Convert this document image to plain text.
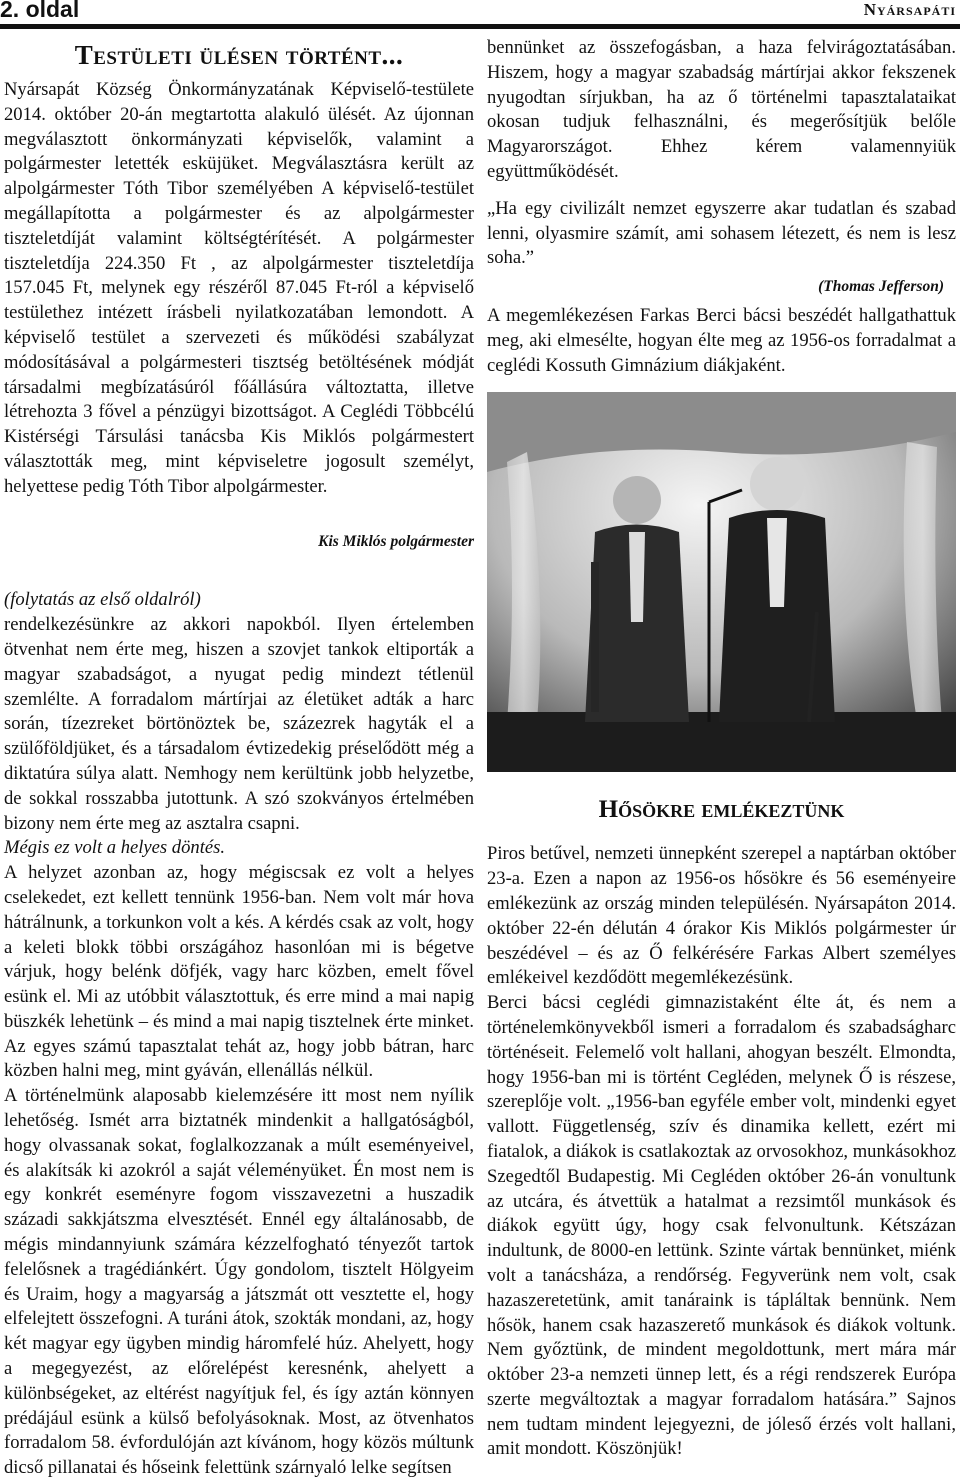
2. oldal	Nyársapáti
Testületi ülésen történt...

Nyársapát Község Önkormányzatának Képviselő-testülete 2014. október 20-án megtartotta alakuló ülését. Az újonnan megválasztott önkormányzati képviselők, valamint a polgármester letették esküjüket. Megválasztásra került az alpolgármester Tóth Tibor személyében A képviselő-testület megállapította a polgármester és az alpolgármester tiszteletdíját valamint költségtérítését. A polgármester tiszteletdíja 224.350 Ft , az alpolgármester tiszteletdíja 157.045 Ft, melynek egy részéről 87.045 Ft-ról a képviselő testülethez intézett írásbeli nyilatkozatában lemondott. A képviselő testület a szervezeti és működési szabályzat módosításával a polgármesteri tisztség betöltésének módját társadalmi megbízatásúról főállásúra változtatta, illetve létrehozta 3 fővel a pénzügyi bizottságot. A Ceglédi Többcélú Kistérségi Társulási tanácsba Kis Miklós polgármestert választották meg, mint képviseletre jogosult személyt, helyettese pedig Tóth Tibor alpolgármester.

Kis Miklós polgármester

(folytatás az első oldalról)

rendelkezésünkre az akkori napokból. Ilyen értelemben ötvenhat nem érte meg, hiszen a szovjet tankok eltiporták a magyar szabadságot, a nyugat pedig mindezt tétlenül szemlélte. A forradalom mártírjai az életüket adták a harc során, tízezreket börtönöztek be, százezrek hagyták el a szülőföldjüket, és a társadalom évtizedekig préselődött még a diktatúra súlya alatt. Nemhogy nem kerültünk jobb helyzetbe, de sokkal rosszabba jutottunk. A szó szokványos értelmében bizony nem érte meg az asztalra csapni.

Mégis ez volt a helyes döntés.

A helyzet azonban az, hogy mégiscsak ez volt a helyes cselekedet, ezt kellett tennünk 1956-ban. Nem volt már hova hátrálnunk, a torkunkon volt a kés. A kérdés csak az volt, hogy a keleti blokk többi országához hasonlóan mi is bégetve várjuk, hogy belénk döfjék, vagy harc közben, emelt fővel esünk el. Mi az utóbbit választottuk, és erre mind a mai napig büszkék lehetünk – és mind a mai napig tisztelnek érte minket. Az egyes számú tapasztalat tehát az, hogy jobb bátran, harc közben halni meg, mint gyáván, ellenállás nélkül.

A történelmünk alaposabb kielemzésére itt most nem nyílik lehetőség. Ismét arra biztatnék mindenkit a hallgatóságból, hogy olvassanak sokat, foglalkozzanak a múlt eseményeivel, és alakítsák ki azokról a saját véleményüket. Én most nem is egy konkrét eseményre fogom visszavezetni a huszadik századi sakkjátszma elvesztését. Ennél egy általánosabb, de mégis mindannyiunk számára kézzelfogható tényezőt tartok felelősnek a tragédiánkért. Úgy gondolom, tisztelt Hölgyeim és Uraim, hogy a magyarság a játszmát ott vesztette el, hogy elfelejtett összefogni. A turáni átok, szokták mondani, az, hogy két magyar egy ügyben mindig háromfelé húz. Ahelyett, hogy a megegyezést, az előrelépést keresnénk, ahelyett a különbségeket, az eltérést nagyítjuk fel, és így aztán könnyen prédájául esünk a külső befolyásoknak. Most, az ötvenhatos forradalom 58. évfordulóján azt kívánom, hogy közös múltunk dicső pillanatai és hőseink felettünk szárnyaló lelke segítsen

bennünket az összefogásban, a haza felvirágoztatásában. Hiszem, hogy a magyar szabadság mártírjai akkor fekszenek nyugodtan sírjukban, ha az ő történelmi tapasztalataikat okosan tudjuk felhasználni, és megerősítjük belőle Magyarországot. Ehhez kérem valamennyiük együttműködését.

„Ha egy civilizált nemzet egyszerre akar tudatlan és szabad lenni, olyasmire számít, ami sohasem létezett, és nem is lesz soha.”

(Thomas Jefferson)

A megemlékezésen Farkas Berci bácsi beszédét hallgathattuk meg, aki elmesélte, hogyan élte meg az 1956-os forradalmat a ceglédi Kossuth Gimnázium diákjaként.

Hősökre emlékeztünk

Piros betűvel, nemzeti ünnepként szerepel a naptárban október 23-a. Ezen a napon az 1956-os hősökre és 56 eseményeire emlékezünk az ország minden településén. Nyársapáton 2014. október 22-én délután 4 órakor Kis Miklós polgármester úr beszédével – és az Ő felkérésére Farkas Albert személyes emlékeivel kezdődött megemlékezésünk.

Berci bácsi ceglédi gimnazistaként élte át, és nem a történelemkönyvekből ismeri a forradalom és szabadságharc történéseit. Felemelő volt hallani, ahogyan beszélt. Elmondta, hogy 1956-ban mi is történt Cegléden, melynek Ő is részese, szereplője volt. „1956-ban egyféle ember volt, mindenki egyet vallott. Függetlenség, szív és dinamika kellett, ezért mi fiatalok, a diákok is csatlakoztak az orvosokhoz, munkásokhoz Szegedtől Budapestig. Mi Cegléden október 26-án vonultunk az utcára, és átvettük a hatalmat a rezsimtől munkások és diákok együtt úgy, hogy csak felvonultunk. Kétszázan indultunk, de 8000-en lettünk. Szinte vártak bennünket, miénk volt a tanácsháza, a rendőrség. Fegyverünk nem volt, csak hazaszeretetünk, amit tanáraink is tápláltak bennünk. Nem hősök, hanem csak hazaszerető munkások és diákok voltunk. Nem győztünk, de mindent megoldottunk, mert mára már október 23-a nemzeti ünnep lett, és a régi rendszerek Európa szerte megváltoztak a magyar forradalom hatására.” Sajnos nem tudtam mindent lejegyezni, de jóleső érzés volt hallani, amit mondott. Köszönjük!
